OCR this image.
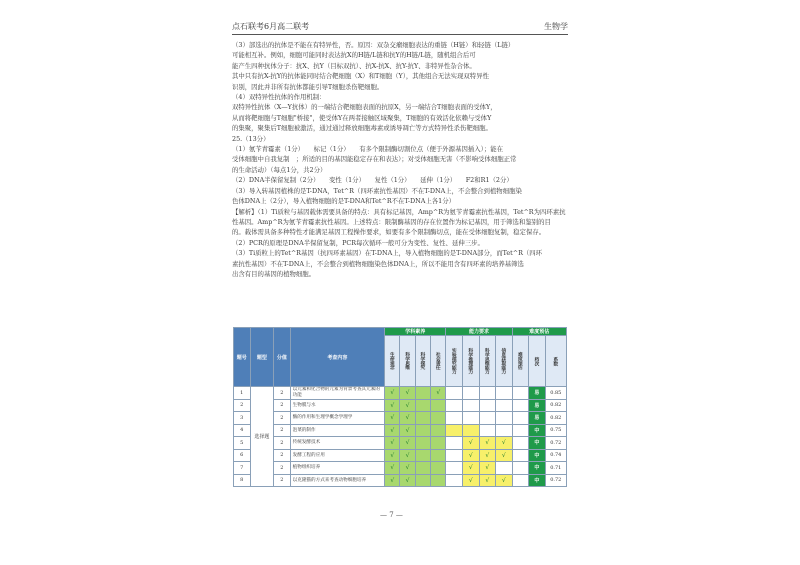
点石联考6月高二联考	生物学

（3）部选出的抗体是不能在有特异性，否。原因：双杂交瘤细胞表达的重链（H链）和轻链（L链）

可能相互补。例如，细胞可能同时表达抗X的H链/L链和抗Y的H链/L链，随机组合后可

能产生四种抗体分子：抗X、抗Y（目标双抗）、抗X-抗X、抗Y-抗Y、非特异性杂合体。

其中只有抗X-抗Y的抗体能同时结合靶细胞（X）和T细胞（Y），其他组合无法实现双特异性

识别，因此并非所有抗体都能引导T细胞杀伤靶细胞。

（4）双特异性抗体的作用机制：

双特异性抗体（X—Y抗体）的一端结合靶细胞表面的抗原X，另一端结合T细胞表面的受体Y，

从而将靶细胞与T细胞"桥接"，使受体Y在两者接触区域聚集，T细胞的有效活化依赖与受体Y

的集聚，聚集后T细胞被激活，通过通过释放细胞毒素或诱导凋亡等方式特异性杀伤靶细胞。

25.（13分）

（1）氨苄青霉素（1分）　　标记（1分）　　有多个限制酶切割位点（便于外源基因插入）；能在

受体细胞中自我复制　；所适的目的基因能稳定存在和表达）；对受体细胞无害（不影响受体细胞正常

的生命活动）（每点1分，共2分）

（2）DNA半保留复制（2分）　　变性（1分）　　复性（1分）　　延伸（1分）　　F2和R1（2分）

（3）导入转基因植株的是T-DNA，Tet^R（四环素抗性基因）不在T-DNA上，不会整合到植物细胞染

色体DNA上（2分），导入植物细胞的是T-DNA和Tet^R不在T-DNA上各1分）

【解析】（1）Ti质粒与基因载体需要具备的特点：具有标记基因，Amp^R为氨苄青霉素抗性基因，Tet^R为四环素抗

性基因。Amp^R为氨苄青霉素抗性基因。上述特点：限制酶基因的存在位置作为标记基因，用于筛选和鉴别的目

的。载体需具备多种特性才能满足基因工程操作要求，如要有多个限制酶切点，能在受体细胞复制，稳定保存。

（2）PCR的原理是DNA半保留复制，PCR每次循环一般可分为变性、复性、延伸三步。

（3）Ti质粒上的Tet^R基因（抗四环素基因）在T-DNA上，导入植物细胞的是T-DNA部分，而Tet^R（四环

素抗性基因）不在T-DNA上，不会整合到植物细胞染色体DNA上，所以不能用含有四环素的培养基筛选

出含有目的基因的植物细胞。

题号	题型	分值	考查内容	学科素养				能力要求				难度预估		
				生命观念	科学思维	科学探究	社会责任	实验探究能力	科学推理能力	科学思维能力	信息获取能力	难度预估	档次	系数
1	选择题	2	以元素和化合物的元素为背景考查其元素的功能	√	√		√						易	0.85
2		2	生物膜与水	√	√								易	0.82
3		2	酶的作用和生理学概念学理学	√	√								易	0.82
4		2	泡菜的制作	√	√								中	0.75
5		2	传统发酵技术	√	√				√	√	√		中	0.72
6		2	发酵工程的应用	√	√				√	√	√		中	0.74
7		2	植物组织培养	√	√				√	√			中	0.71
8		2	以克隆猫的方式来考查动物细胞培养	√	√				√	√	√		中	0.72
— 7 —
